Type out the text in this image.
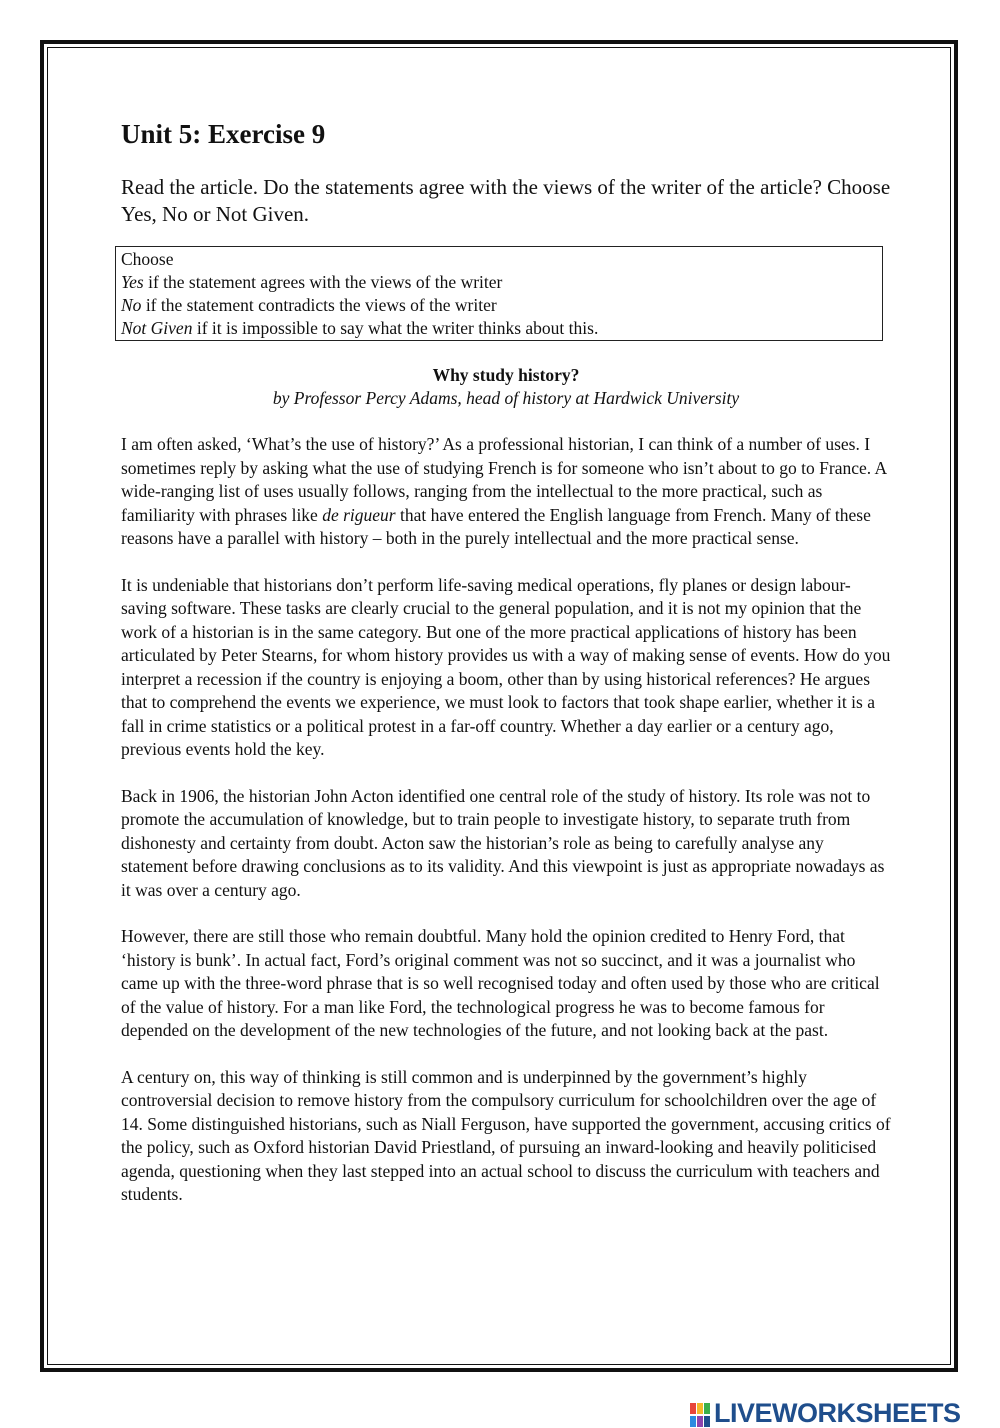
Unit 5: Exercise 9

Read the article. Do the statements agree with the views of the writer of the article? Choose Yes, No or Not Given.

Choose
Yes if the statement agrees with the views of the writer
No if the statement contradicts the views of the writer
Not Given if it is impossible to say what the writer thinks about this.
Why study history?
by Professor Percy Adams, head of history at Hardwick University

I am often asked, ‘What’s the use of history?’ As a professional historian, I can think of a number of uses. I sometimes reply by asking what the use of studying French is for someone who isn’t about to go to France. A wide-ranging list of uses usually follows, ranging from the intellectual to the more practical, such as familiarity with phrases like de rigueur that have entered the English language from French. Many of these reasons have a parallel with history – both in the purely intellectual and the more practical sense.

It is undeniable that historians don’t perform life-saving medical operations, fly planes or design labour-saving software. These tasks are clearly crucial to the general population, and it is not my opinion that the work of a historian is in the same category. But one of the more practical applications of history has been articulated by Peter Stearns, for whom history provides us with a way of making sense of events. How do you interpret a recession if the country is enjoying a boom, other than by using historical references? He argues that to comprehend the events we experience, we must look to factors that took shape earlier, whether it is a fall in crime statistics or a political protest in a far-off country. Whether a day earlier or a century ago, previous events hold the key.

Back in 1906, the historian John Acton identified one central role of the study of history. Its role was not to promote the accumulation of knowledge, but to train people to investigate history, to separate truth from dishonesty and certainty from doubt. Acton saw the historian’s role as being to carefully analyse any statement before drawing conclusions as to its validity. And this viewpoint is just as appropriate nowadays as it was over a century ago.

However, there are still those who remain doubtful. Many hold the opinion credited to Henry Ford, that ‘history is bunk’. In actual fact, Ford’s original comment was not so succinct, and it was a journalist who came up with the three-word phrase that is so well recognised today and often used by those who are critical of the value of history. For a man like Ford, the technological progress he was to become famous for depended on the development of the new technologies of the future, and not looking back at the past.

A century on, this way of thinking is still common and is underpinned by the government’s highly controversial decision to remove history from the compulsory curriculum for schoolchildren over the age of 14. Some distinguished historians, such as Niall Ferguson, have supported the government, accusing critics of the policy, such as Oxford historian David Priestland, of pursuing an inward-looking and heavily politicised agenda, questioning when they last stepped into an actual school to discuss the curriculum with teachers and students.

LIVEWORKSHEETS
